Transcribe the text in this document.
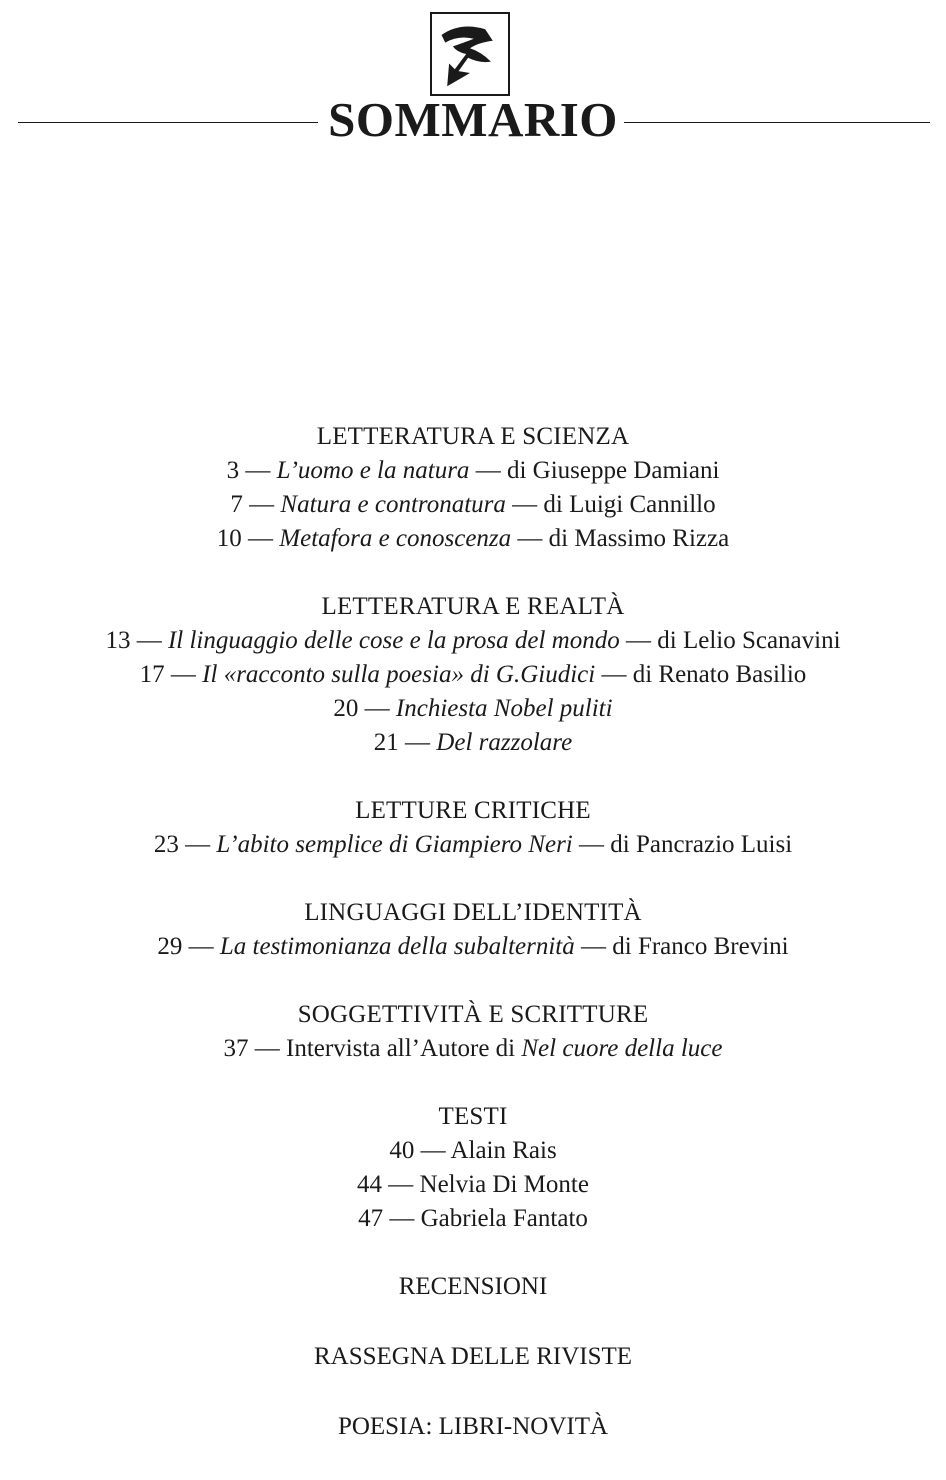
SOMMARIO
LETTERATURA E SCIENZA
3 — L’uomo e la natura — di Giuseppe Damiani
7 — Natura e contronatura — di Luigi Cannillo
10 — Metafora e conoscenza — di Massimo Rizza
LETTERATURA E REALTÀ
13 — Il linguaggio delle cose e la prosa del mondo — di Lelio Scanavini
17 — Il «racconto sulla poesia» di G.Giudici — di Renato Basilio
20 — Inchiesta Nobel puliti
21 — Del razzolare
LETTURE CRITICHE
23 — L’abito semplice di Giampiero Neri — di Pancrazio Luisi
LINGUAGGI DELL’IDENTITÀ
29 — La testimonianza della subalternità — di Franco Brevini
SOGGETTIVITÀ E SCRITTURE
37 — Intervista all’Autore di Nel cuore della luce
TESTI
40 — Alain Rais
44 — Nelvia Di Monte
47 — Gabriela Fantato
RECENSIONI
RASSEGNA DELLE RIVISTE
POESIA: LIBRI-NOVITÀ
